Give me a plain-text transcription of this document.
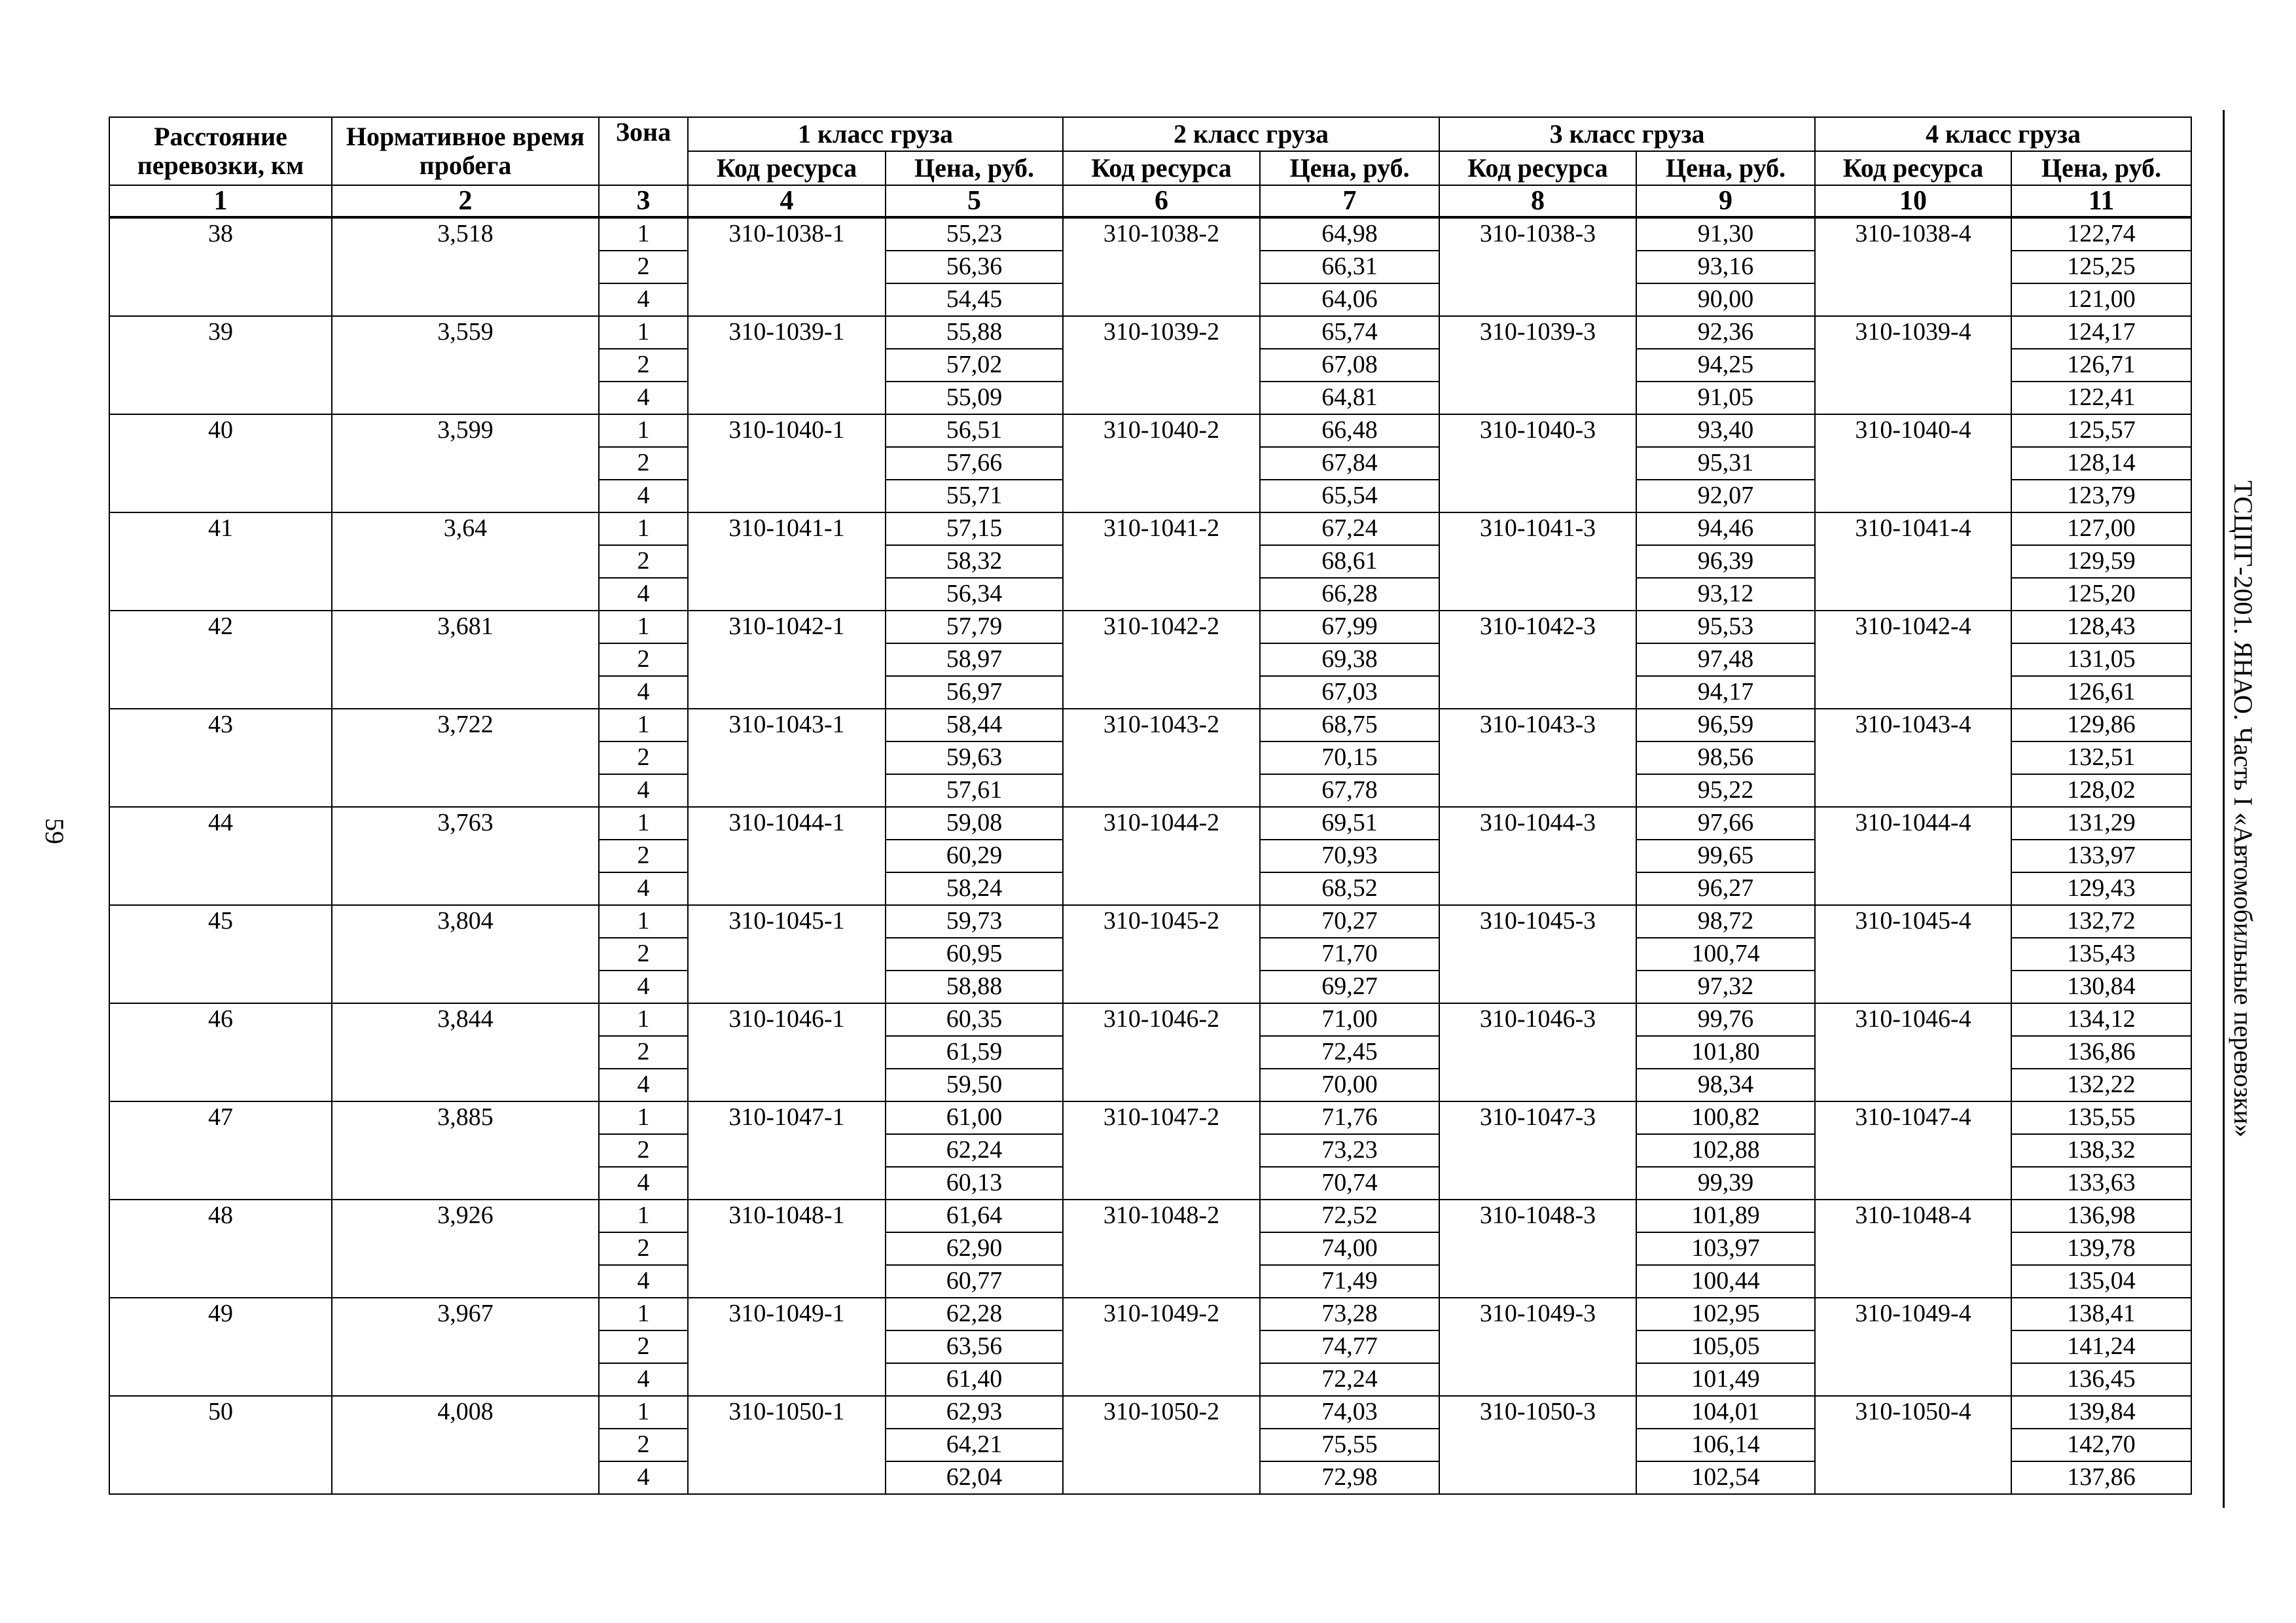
59	ТСЦПГ-2001. ЯНАО. Часть I «Автомобильные перевозки»
Расстояние перевозки, км	Нормативное время пробега	Зона	1 класс груза		2 класс груза		3 класс груза		4 класс груза	
			Код ресурса	Цена, руб.	Код ресурса	Цена, руб.	Код ресурса	Цена, руб.	Код ресурса	Цена, руб.
1	2	3	4	5	6	7	8	9	10	11
38	3,518	1	310-1038-1	55,23	310-1038-2	64,98	310-1038-3	91,30	310-1038-4	122,74
		2		56,36		66,31		93,16		125,25
		4		54,45		64,06		90,00		121,00
39	3,559	1	310-1039-1	55,88	310-1039-2	65,74	310-1039-3	92,36	310-1039-4	124,17
		2		57,02		67,08		94,25		126,71
		4		55,09		64,81		91,05		122,41
40	3,599	1	310-1040-1	56,51	310-1040-2	66,48	310-1040-3	93,40	310-1040-4	125,57
		2		57,66		67,84		95,31		128,14
		4		55,71		65,54		92,07		123,79
41	3,64	1	310-1041-1	57,15	310-1041-2	67,24	310-1041-3	94,46	310-1041-4	127,00
		2		58,32		68,61		96,39		129,59
		4		56,34		66,28		93,12		125,20
42	3,681	1	310-1042-1	57,79	310-1042-2	67,99	310-1042-3	95,53	310-1042-4	128,43
		2		58,97		69,38		97,48		131,05
		4		56,97		67,03		94,17		126,61
43	3,722	1	310-1043-1	58,44	310-1043-2	68,75	310-1043-3	96,59	310-1043-4	129,86
		2		59,63		70,15		98,56		132,51
		4		57,61		67,78		95,22		128,02
44	3,763	1	310-1044-1	59,08	310-1044-2	69,51	310-1044-3	97,66	310-1044-4	131,29
		2		60,29		70,93		99,65		133,97
		4		58,24		68,52		96,27		129,43
45	3,804	1	310-1045-1	59,73	310-1045-2	70,27	310-1045-3	98,72	310-1045-4	132,72
		2		60,95		71,70		100,74		135,43
		4		58,88		69,27		97,32		130,84
46	3,844	1	310-1046-1	60,35	310-1046-2	71,00	310-1046-3	99,76	310-1046-4	134,12
		2		61,59		72,45		101,80		136,86
		4		59,50		70,00		98,34		132,22
47	3,885	1	310-1047-1	61,00	310-1047-2	71,76	310-1047-3	100,82	310-1047-4	135,55
		2		62,24		73,23		102,88		138,32
		4		60,13		70,74		99,39		133,63
48	3,926	1	310-1048-1	61,64	310-1048-2	72,52	310-1048-3	101,89	310-1048-4	136,98
		2		62,90		74,00		103,97		139,78
		4		60,77		71,49		100,44		135,04
49	3,967	1	310-1049-1	62,28	310-1049-2	73,28	310-1049-3	102,95	310-1049-4	138,41
		2		63,56		74,77		105,05		141,24
		4		61,40		72,24		101,49		136,45
50	4,008	1	310-1050-1	62,93	310-1050-2	74,03	310-1050-3	104,01	310-1050-4	139,84
		2		64,21		75,55		106,14		142,70
		4		62,04		72,98		102,54		137,86
